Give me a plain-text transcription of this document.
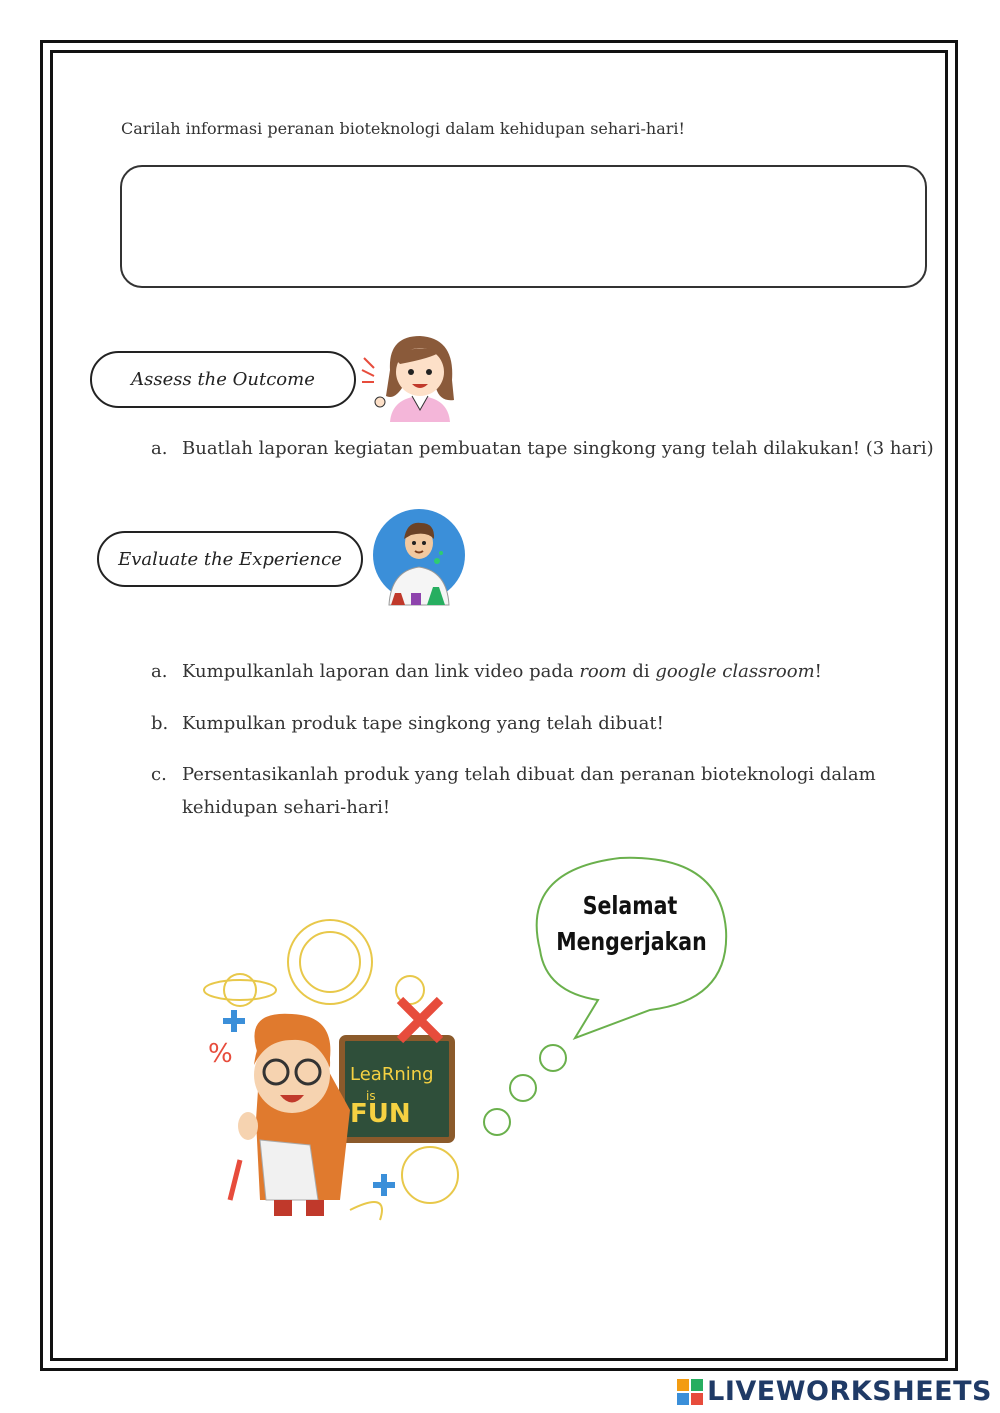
Carilah informasi peranan bioteknologi dalam kehidupan sehari-hari!
Assess the Outcome
a. Buatlah laporan kegiatan pembuatan tape singkong yang telah dilakukan! (3 hari)
Evaluate the Experience
a. Kumpulkanlah laporan dan link video pada room di google classroom!
b. Kumpulkan produk tape singkong yang telah dibuat!
c. Persentasikanlah produk yang telah dibuat dan peranan bioteknologi dalam
kehidupan sehari-hari!
LeaRning
is
FUN
%
Selamat
Mengerjakan
LIVEWORKSHEETS
